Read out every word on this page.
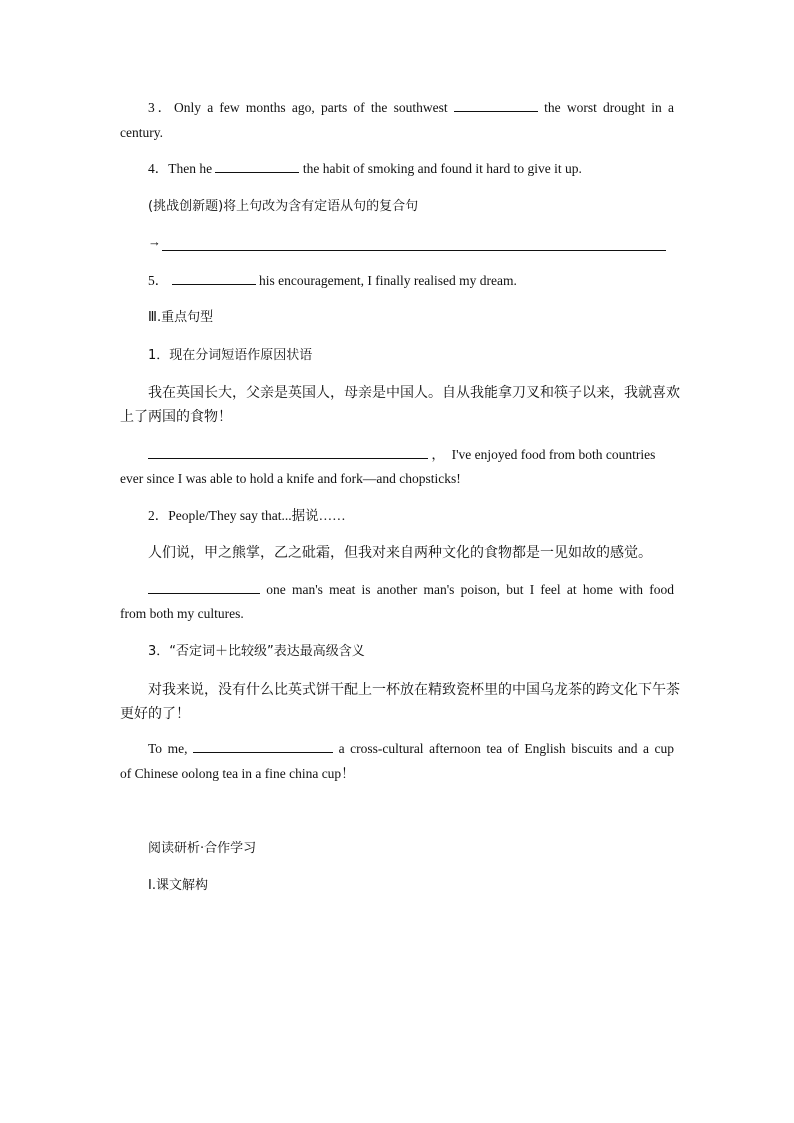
3．Only a few months ago, parts of the southwest	the worst drought in a
century.
4．Then he	the habit of smoking and found it hard to give it up.
(挑战创新题)将上句改为含有定语从句的复合句
→
5．	his encouragement, I finally realised my dream.
Ⅲ.重点句型
1．现在分词短语作原因状语
我在英国长大，父亲是英国人，母亲是中国人。自从我能拿刀叉和筷子以来，我就喜欢
上了两国的食物！
，　I've enjoyed food from both countries
ever since I was able to hold a knife and fork—and chopsticks!
2．People/They say that...据说……
人们说，甲之熊掌，乙之砒霜，但我对来自两种文化的食物都是一见如故的感觉。
one man's meat is another man's poison, but I feel at home with food
from both my cultures.
3．“否定词＋比较级”表达最高级含义
对我来说，没有什么比英式饼干配上一杯放在精致瓷杯里的中国乌龙茶的跨文化下午茶
更好的了！
To me,	a cross-cultural afternoon tea of English biscuits and a cup
of Chinese oolong tea in a fine china cup！
阅读研析·合作学习
Ⅰ.课文解构
